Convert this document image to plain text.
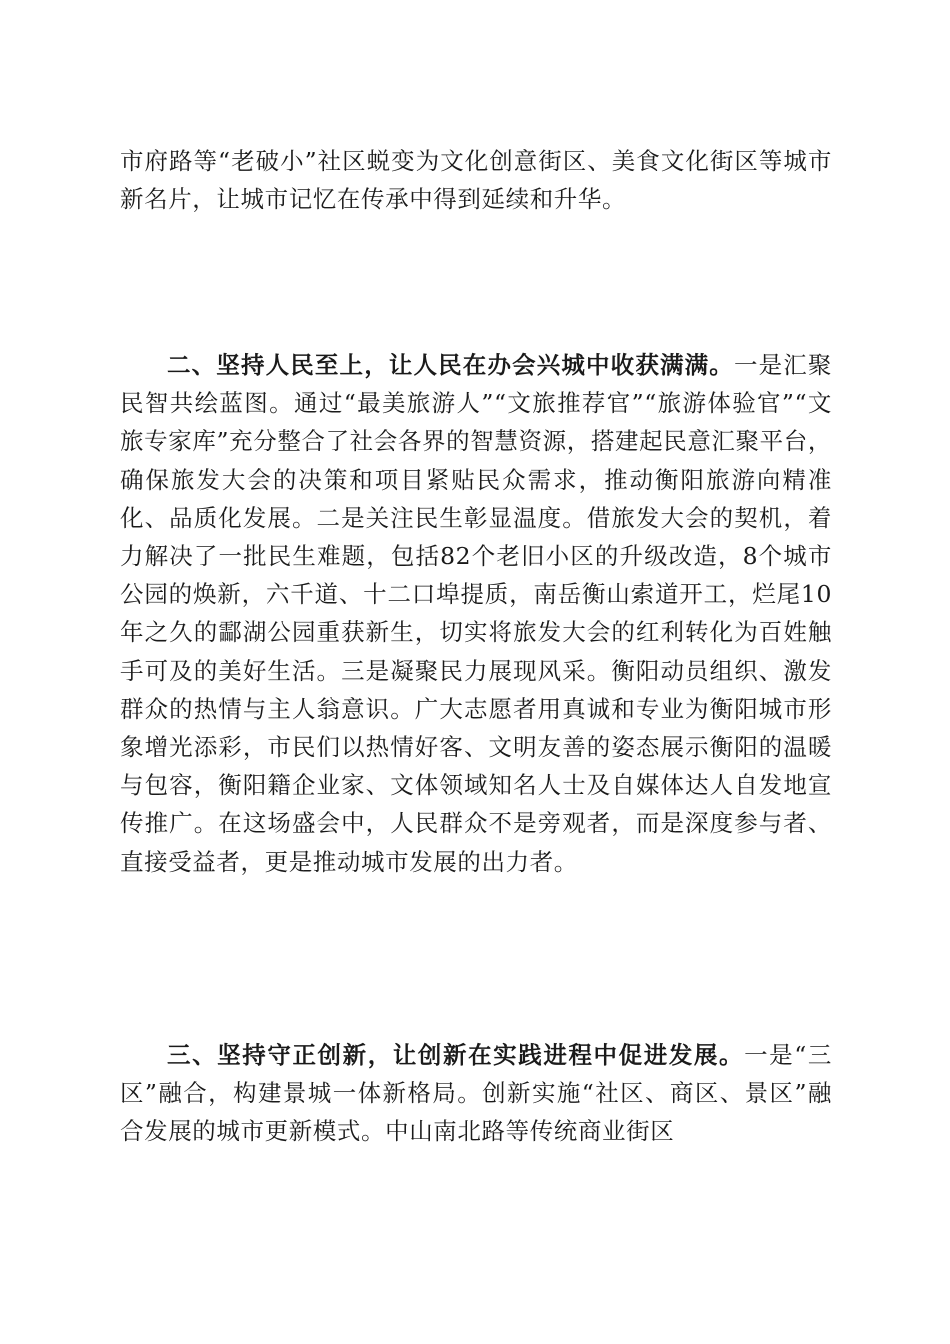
市府路等“老破小”社区蜕变为文化创意街区、美食文化街区等城市新名片，让城市记忆在传承中得到延续和升华。

二、坚持人民至上，让人民在办会兴城中收获满满。一是汇聚民智共绘蓝图。通过“最美旅游人”“文旅推荐官”“旅游体验官”“文旅专家库”充分整合了社会各界的智慧资源，搭建起民意汇聚平台，确保旅发大会的决策和项目紧贴民众需求，推动衡阳旅游向精准化、品质化发展。二是关注民生彰显温度。借旅发大会的契机，着力解决了一批民生难题，包括82个老旧小区的升级改造，8个城市公园的焕新，六千道、十二口埠提质，南岳衡山索道开工，烂尾10年之久的酃湖公园重获新生，切实将旅发大会的红利转化为百姓触手可及的美好生活。三是凝聚民力展现风采。衡阳动员组织、激发群众的热情与主人翁意识。广大志愿者用真诚和专业为衡阳城市形象增光添彩，市民们以热情好客、文明友善的姿态展示衡阳的温暖与包容，衡阳籍企业家、文体领域知名人士及自媒体达人自发地宣传推广。在这场盛会中，人民群众不是旁观者，而是深度参与者、直接受益者，更是推动城市发展的出力者。

三、坚持守正创新，让创新在实践进程中促进发展。一是“三区”融合，构建景城一体新格局。创新实施“社区、商区、景区”融合发展的城市更新模式。中山南北路等传统商业街区
